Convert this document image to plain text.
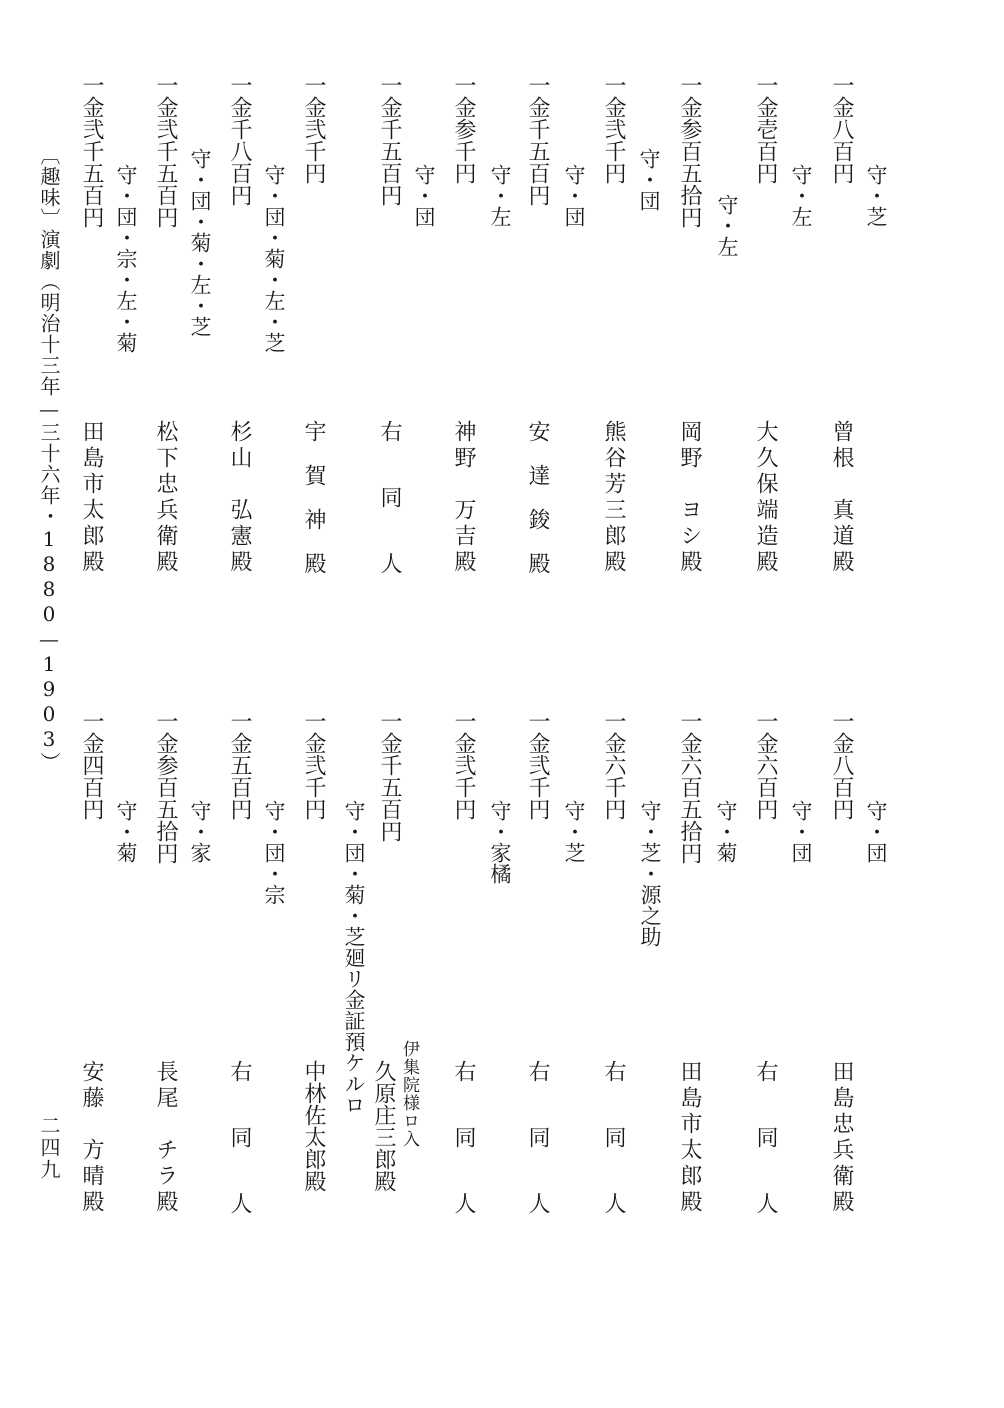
〔趣味〕演劇（明治十三年—三十六年・1880—1903）
二四九
一金八百円
守・芝
曾根　真道殿
一金壱百円
守・左
大久保端造殿
一金参百五拾円 守・左
岡野　ヨシ殿
一金弐千円 守・団
熊谷芳三郎殿
一金千五百円 守・団
安　達　鋑　殿
一金参千円
守・左
神野　万吉殿
一金千五百円 守・団
右　　同　　人
一金弐千円
宇　賀　神　殿
一金千八百円
守・団・菊・左・芝
杉山　弘憲殿
一金弐千五百円 守・団・菊・左・芝
松下忠兵衛殿
一金弐千五百円
守・団・宗・左・菊
田島市太郎殿
一金八百円
守・団
田島忠兵衛殿
一金六百円
守・団
右　　同　　人
一金六百五拾円 守・菊
田島市太郎殿
一金六千円
守・芝・源之助
右　　同　　人
一金弐千円
守・芝
右　　同　　人
一金弐千円
守・家橘
右　　同　　人
一金千五百円
守・団・菊・芝廻リ金証預ケルロ 伊集院様ロ入
久原庄三郎殿
一金弐千円
守・団・宗
中林佐太郎殿
一金五百円
守・家
右　　同　　人
一金参百五拾円
守・菊
長尾　チラ殿
一金四百円
安藤　方晴殿
